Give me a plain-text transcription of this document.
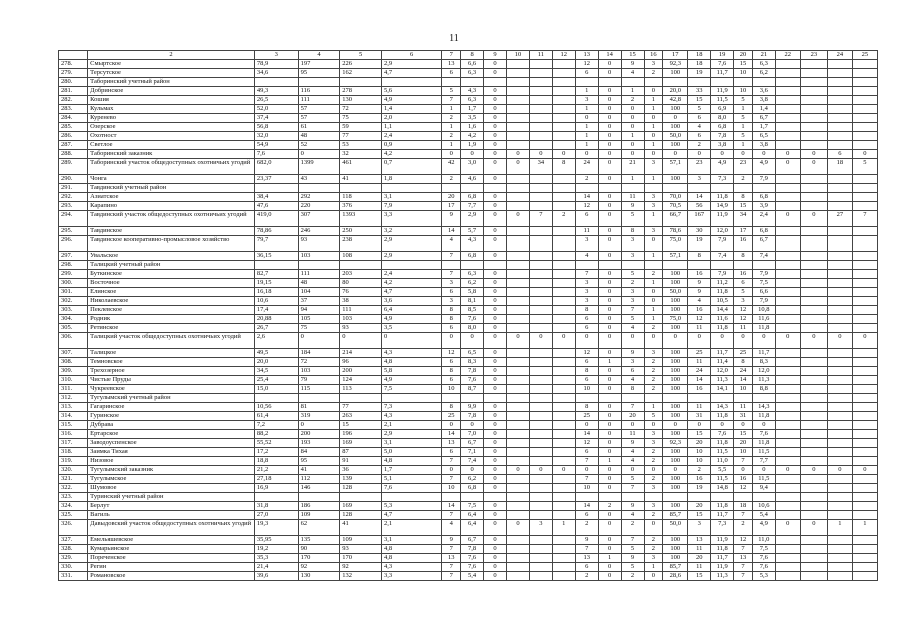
11
	2	3	4	5	6	7	8	9	10	11	12	13	14	15	16	17	18	19	20	21	22	23	24	25
278.	Смыртское	78,9	197	226	2,9	13	6,6	0				12	0	9	3	92,3	18	7,6	15	6,3				
279.	Терсутское	34,6	95	162	4,7	6	6,3	0				6	0	4	2	100	19	11,7	10	6,2				
280.	Таборинский учетный район																							
281.	Добринское	49,3	116	278	5,6	5	4,3	0				1	0	1	0	20,0	33	11,9	10	3,6				
282.	Кошия	26,5	111	130	4,9	7	6,3	0				3	0	2	1	42,8	15	11,5	5	3,8				
283.	Кульмах	52,0	57	72	1,4	1	1,7	0				1	0	0	1	100	5	6,9	1	1,4				
284.	Куренево	37,4	57	75	2,0	2	3,5	0				0	0	0	0	0	6	8,0	5	6,7				
285.	Озерское	56,8	61	59	1,1	1	1,6	0				1	0	0	1	100	4	6,8	1	1,7				
286.	Охотност	32,0	48	77	2,4	2	4,2	0				1	0	1	0	50,0	6	7,8	5	6,5				
287.	Светлое	54,9	52	53	0,9	1	1,9	0				1	0	0	1	100	2	3,8	1	3,8				
288.	Таборинский заказник	7,6	0	32	4,2	0	0	0	0	0	0	0	0	0	0	0	0	0	0	0	0	0	6	0
289.	Таборинский участок общедоступных охотничьих угодий	682,0	1399	461	0,7	42	3,0	0	0	34	8	24	0	21	3	57,1	23	4,9	23	4,9	0	0	18	5
290.	Чонга	23,37	43	41	1,8	2	4,6	0				2	0	1	1	100	3	7,3	2	7,9				
291.	Тавдинский учетный район																							
292.	Азиатское	38,4	292	118	3,1	20	6,8	0				14	0	11	3	70,0	14	11,8	8	6,8				
293.	Карапино	47,6	220	376	7,9	17	7,7	0				12	0	9	3	70,5	56	14,9	15	3,9				
294.	Тавдинский участок общедоступных охотничьих угодий	419,0	307	1393	3,3	9	2,9	0	0	7	2	6	0	5	1	66,7	167	11,9	34	2,4	0	0	27	7
295.	Тавдинское	78,86	246	250	3,2	14	5,7	0				11	0	8	3	78,6	30	12,0	17	6,8				
296.	Тавдинское кооперативно-промысловое хозяйство	79,7	93	238	2,9	4	4,3	0				3	0	3	0	75,0	19	7,9	16	6,7				
297.	Увальское	36,15	103	108	2,9	7	6,8	0				4	0	3	1	57,1	8	7,4	8	7,4				
298.	Талицкий учетный район																							
299.	Буткинское	82,7	111	203	2,4	7	6,3	0				7	0	5	2	100	16	7,9	16	7,9				
300.	Восточное	19,15	48	80	4,2	3	6,2	0				3	0	2	1	100	9	11,2	6	7,5				
301.	Елинское	16,18	104	76	4,7	6	5,8	0				3	0	3	0	50,0	9	11,8	5	6,6				
302.	Николаевское	10,6	37	38	3,6	3	8,1	0				3	0	3	0	100	4	10,5	3	7,9				
303.	Пеклевское	17,4	94	111	6,4	8	8,5	0				8	0	7	1	100	16	14,4	12	10,8				
304.	Родник	20,88	105	103	4,9	8	7,6	0				6	0	5	1	75,0	12	11,6	12	11,6				
305.	Ретинское	26,7	75	93	3,5	6	8,0	0				6	0	4	2	100	11	11,8	11	11,8				
306.	Талицкий участок общедоступных охотничьих угодий	2,6	0	0	0	0	0	0	0	0	0	0	0	0	0	0	0	0	0	0	0	0	0	0
307.	Талицкое	49,5	184	214	4,3	12	6,5	0				12	0	9	3	100	25	11,7	25	11,7				
308.	Темновское	20,0	72	96	4,8	6	8,3	0				6	1	3	2	100	11	11,4	8	8,3				
309.	Трехозерное	34,5	103	200	5,8	8	7,8	0				8	0	6	2	100	24	12,0	24	12,0				
310.	Чистые Пруды	25,4	79	124	4,9	6	7,6	0				6	0	4	2	100	14	11,3	14	11,3				
311.	Чукреевское	15,0	115	113	7,5	10	8,7	0				10	0	8	2	100	16	14,1	10	8,8				
312.	Тугулымский учетный район																							
313.	Гагаринское	10,56	81	77	7,3	8	9,9	0				8	0	7	1	100	11	14,3	11	14,3				
314.	Гуринское	61,4	319	263	4,3	25	7,8	0				25	0	20	5	100	31	11,8	31	11,8				
315.	Дубрава	7,2	0	15	2,1	0	0	0				0	0	0	0	0	0	0	0	0				
316.	Ертарское	88,2	200	196	2,9	14	7,0	0				14	0	11	3	100	15	7,6	15	7,6				
317.	Заводоуспенское	55,52	193	169	3,1	13	6,7	0				12	0	9	3	92,3	20	11,8	20	11,8				
318.	Заимка Тихая	17,2	84	87	5,0	6	7,1	0				6	0	4	2	100	10	11,5	10	11,5				
319.	Низовое	18,8	95	91	4,8	7	7,4	0				7	1	4	2	100	10	11,0	7	7,7				
320.	Тугулымский заказник	21,2	41	36	1,7	0	0	0	0	0	0	0	0	0	0	0	2	5,5	0	0	0	0	0	0
321.	Тугулымское	27,18	112	139	5,1	7	6,2	0				7	0	5	2	100	16	11,5	16	11,5				
322.	Шумовое	16,9	146	128	7,6	10	6,8	0				10	0	7	3	100	19	14,8	12	9,4				
323.	Туринский учетный район																							
324.	Берлут	31,8	186	169	5,3	14	7,5	0				14	2	9	3	100	20	11,8	18	10,6				
325.	Вагиль	27,0	109	128	4,7	7	6,4	0				6	0	4	2	85,7	15	11,7	7	5,4				
326.	Давыдовский участок общедоступных охотничьих угодий	19,3	62	41	2,1	4	6,4	0	0	3	1	2	0	2	0	50,0	3	7,3	2	4,9	0	0	1	1
327.	Емельяшевское	35,95	135	109	3,1	9	6,7	0				9	0	7	2	100	13	11,9	12	11,0				
328.	Кумарьинское	19,2	90	93	4,8	7	7,8	0				7	0	5	2	100	11	11,8	7	7,5				
329.	Пореченское	35,3	170	170	4,8	13	7,6	0				13	1	9	3	100	20	11,7	13	7,6				
330.	Регин	21,4	92	92	4,3	7	7,6	0				6	0	5	1	85,7	11	11,9	7	7,6				
331.	Романовское	39,6	130	132	3,3	7	5,4	0				2	0	2	0	28,6	15	11,3	7	5,3				
